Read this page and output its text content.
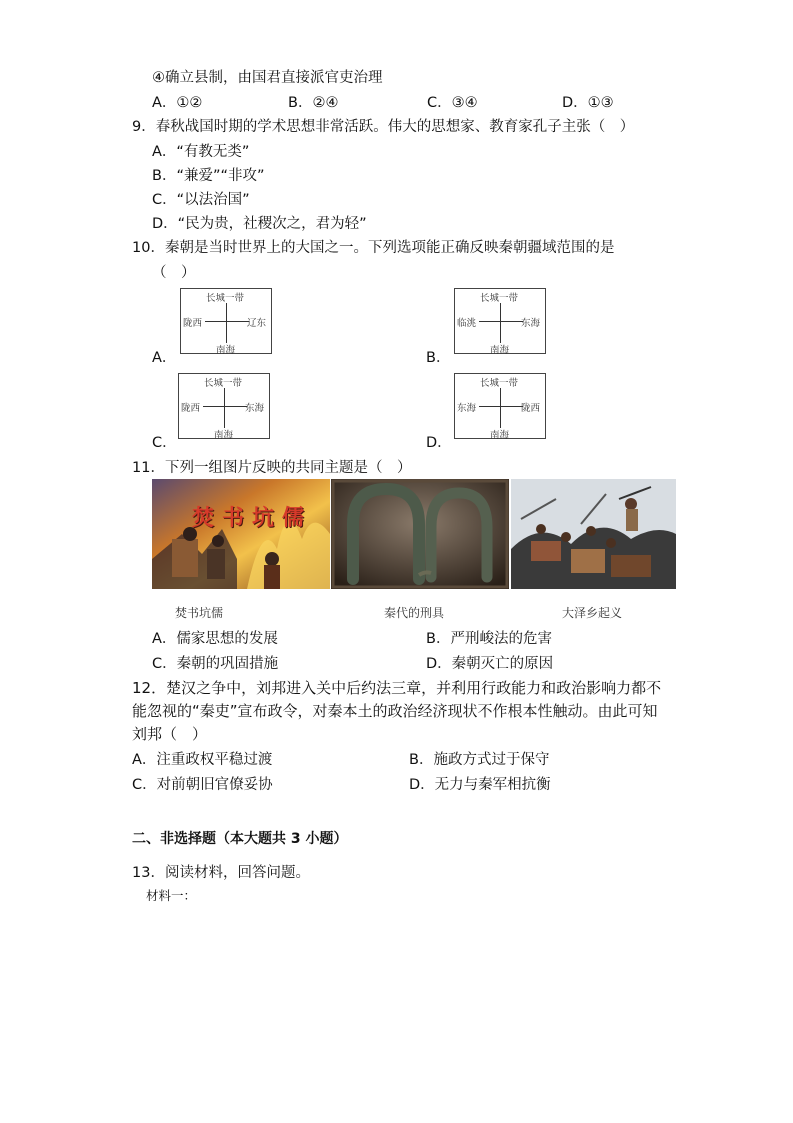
④确立县制，由国君直接派官吏治理
A．①②	B．②④	C．③④	D．①③
9．春秋战国时期的学术思想非常活跃。伟大的思想家、教育家孔子主张（　）
A．“有教无类”
B．“兼爱”“非攻”
C．“以法治国”
D．“民为贵，社稷次之，君为轻”
10．秦朝是当时世界上的大国之一。下列选项能正确反映秦朝疆域范围的是
（　）
A．
长城一带
陇西	辽东
南海	B．
长城一带
临洮	东海
南海
C．
长城一带
陇西	东海
南海	D．
长城一带
东海	陇西
南海
11．下列一组图片反映的共同主题是（　）
焚书坑儒
焚书坑儒	秦代的刑具	大泽乡起义
A．儒家思想的发展	B．严刑峻法的危害
C．秦朝的巩固措施	D．秦朝灭亡的原因
12．楚汉之争中，刘邦进入关中后约法三章，并利用行政能力和政治影响力都不
能忽视的“秦吏”宣布政令，对秦本土的政治经济现状不作根本性触动。由此可知
刘邦（　）
A．注重政权平稳过渡	B．施政方式过于保守
C．对前朝旧官僚妥协	D．无力与秦军相抗衡
二、非选择题（本大题共 3 小题）
13．阅读材料，回答问题。
材料一：
